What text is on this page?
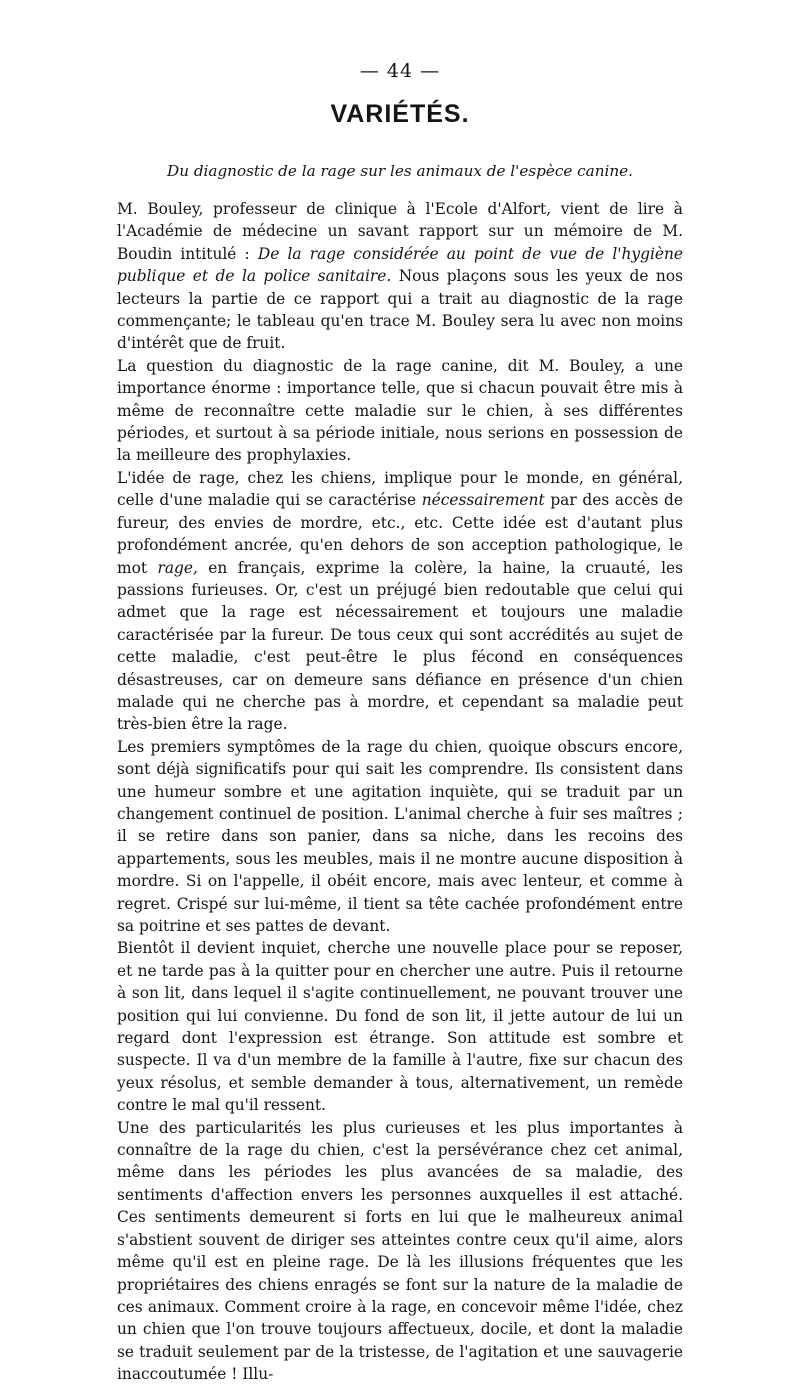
— 44 —
VARIÉTÉS.
Du diagnostic de la rage sur les animaux de l'espèce canine.

M. Bouley, professeur de clinique à l'Ecole d'Alfort, vient de lire à l'Académie de médecine un savant rapport sur un mémoire de M. Boudin intitulé : De la rage considérée au point de vue de l'hygiène publique et de la police sanitaire. Nous plaçons sous les yeux de nos lecteurs la partie de ce rapport qui a trait au diagnostic de la rage commençante; le tableau qu'en trace M. Bouley sera lu avec non moins d'intérêt que de fruit.

La question du diagnostic de la rage canine, dit M. Bouley, a une importance énorme : importance telle, que si chacun pouvait être mis à même de reconnaître cette maladie sur le chien, à ses différentes périodes, et surtout à sa période initiale, nous serions en possession de la meilleure des prophylaxies.

L'idée de rage, chez les chiens, implique pour le monde, en général, celle d'une maladie qui se caractérise nécessairement par des accès de fureur, des envies de mordre, etc., etc. Cette idée est d'autant plus profondément ancrée, qu'en dehors de son acception pathologique, le mot rage, en français, exprime la colère, la haine, la cruauté, les passions furieuses. Or, c'est un préjugé bien redoutable que celui qui admet que la rage est nécessairement et toujours une maladie caractérisée par la fureur. De tous ceux qui sont accrédités au sujet de cette maladie, c'est peut-être le plus fécond en conséquences désastreuses, car on demeure sans défiance en présence d'un chien malade qui ne cherche pas à mordre, et cependant sa maladie peut très-bien être la rage.

Les premiers symptômes de la rage du chien, quoique obscurs encore, sont déjà significatifs pour qui sait les comprendre. Ils consistent dans une humeur sombre et une agitation inquiète, qui se traduit par un changement continuel de position. L'animal cherche à fuir ses maîtres ; il se retire dans son panier, dans sa niche, dans les recoins des appartements, sous les meubles, mais il ne montre aucune disposition à mordre. Si on l'appelle, il obéit encore, mais avec lenteur, et comme à regret. Crispé sur lui-même, il tient sa tête cachée profondément entre sa poitrine et ses pattes de devant.

Bientôt il devient inquiet, cherche une nouvelle place pour se reposer, et ne tarde pas à la quitter pour en chercher une autre. Puis il retourne à son lit, dans lequel il s'agite continuellement, ne pouvant trouver une position qui lui convienne. Du fond de son lit, il jette autour de lui un regard dont l'expression est étrange. Son attitude est sombre et suspecte. Il va d'un membre de la famille à l'autre, fixe sur chacun des yeux résolus, et semble demander à tous, alternativement, un remède contre le mal qu'il ressent.

Une des particularités les plus curieuses et les plus importantes à connaître de la rage du chien, c'est la persévérance chez cet animal, même dans les périodes les plus avancées de sa maladie, des sentiments d'affection envers les personnes auxquelles il est attaché. Ces sentiments demeurent si forts en lui que le malheureux animal s'abstient souvent de diriger ses atteintes contre ceux qu'il aime, alors même qu'il est en pleine rage. De là les illusions fréquentes que les propriétaires des chiens enragés se font sur la nature de la maladie de ces animaux. Comment croire à la rage, en concevoir même l'idée, chez un chien que l'on trouve toujours affectueux, docile, et dont la maladie se traduit seulement par de la tristesse, de l'agitation et une sauvagerie inaccoutumée ! Illu-
